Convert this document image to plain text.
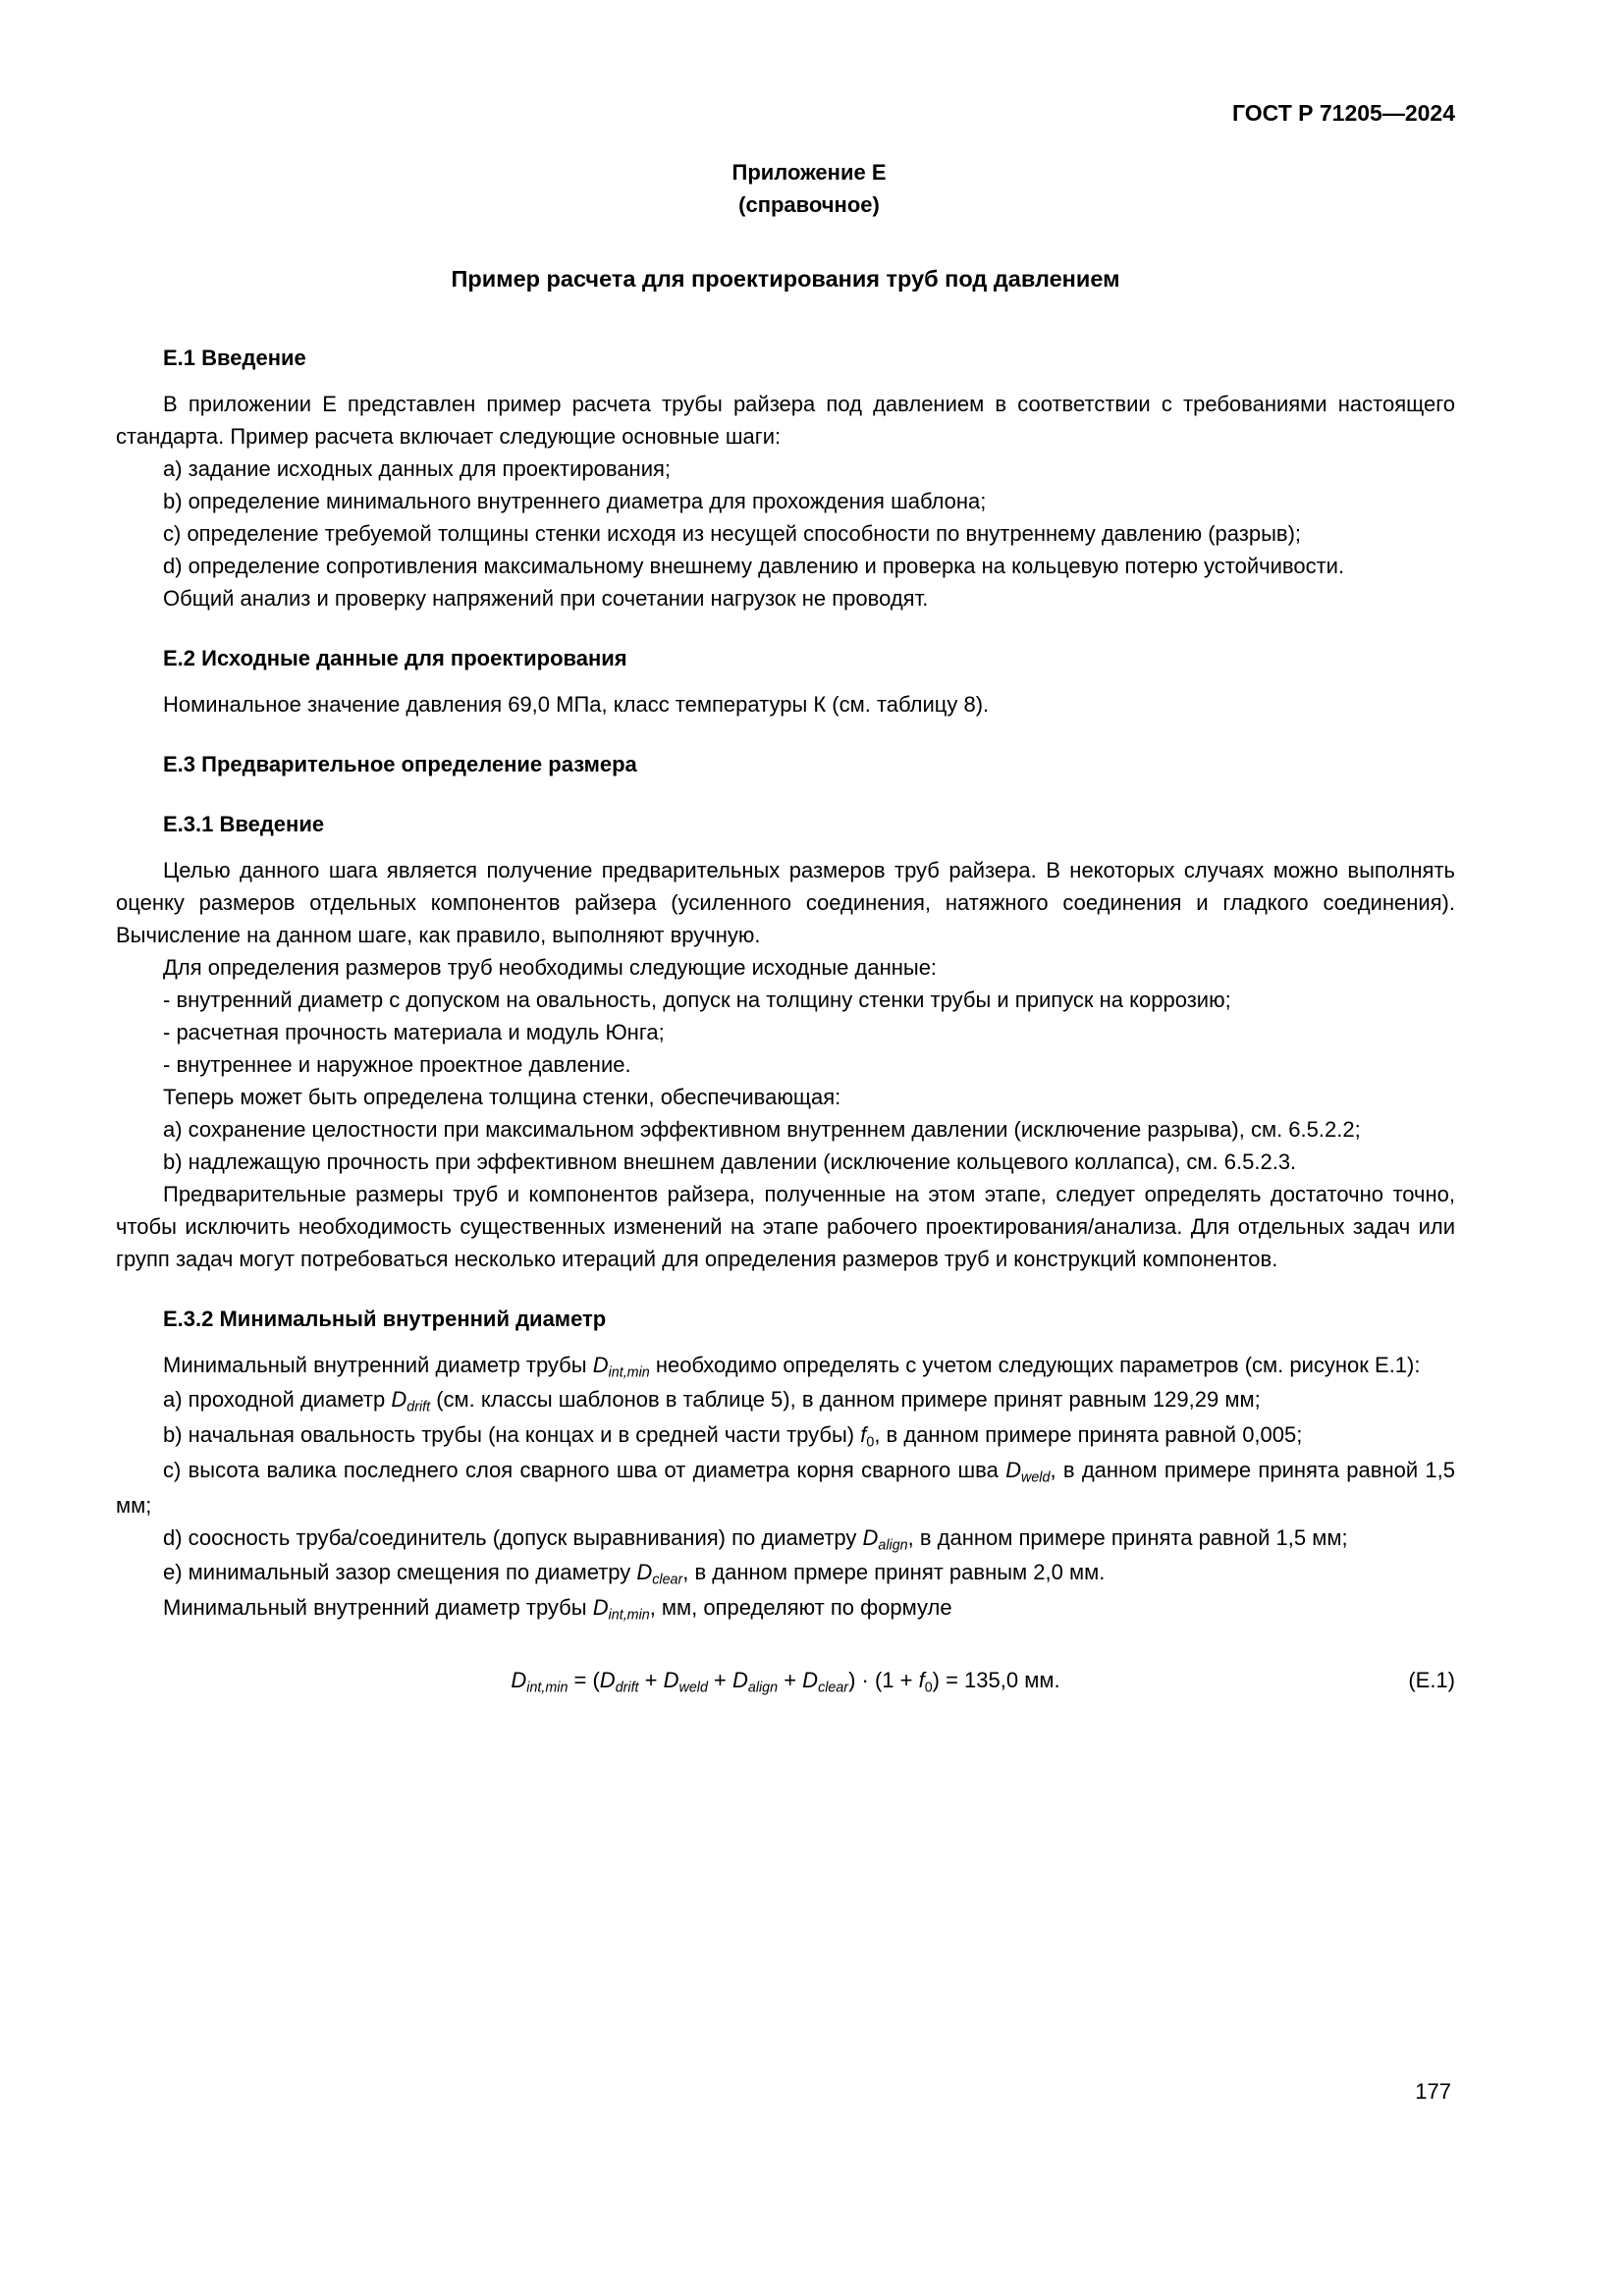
ГОСТ Р 71205—2024

Приложение Е

(справочное)

Пример расчета для проектирования труб под давлением
Е.1 Введение

В приложении Е представлен пример расчета трубы райзера под давлением в соответствии с требованиями настоящего стандарта. Пример расчета включает следующие основные шаги:

a) задание исходных данных для проектирования;

b) определение минимального внутреннего диаметра для прохождения шаблона;

c) определение требуемой толщины стенки исходя из несущей способности по внутреннему давлению (разрыв);

d) определение сопротивления максимальному внешнему давлению и проверка на кольцевую потерю устойчивости.

Общий анализ и проверку напряжений при сочетании нагрузок не проводят.

Е.2 Исходные данные для проектирования

Номинальное значение давления 69,0 МПа, класс температуры К (см. таблицу 8).

Е.3 Предварительное определение размера
Е.3.1 Введение

Целью данного шага является получение предварительных размеров труб райзера. В некоторых случаях можно выполнять оценку размеров отдельных компонентов райзера (усиленного соединения, натяжного соединения и гладкого соединения). Вычисление на данном шаге, как правило, выполняют вручную.

Для определения размеров труб необходимы следующие исходные данные:

- внутренний диаметр с допуском на овальность, допуск на толщину стенки трубы и припуск на коррозию;

- расчетная прочность материала и модуль Юнга;

- внутреннее и наружное проектное давление.

Теперь может быть определена толщина стенки, обеспечивающая:

a) сохранение целостности при максимальном эффективном внутреннем давлении (исключение разрыва), см. 6.5.2.2;

b) надлежащую прочность при эффективном внешнем давлении (исключение кольцевого коллапса), см. 6.5.2.3.

Предварительные размеры труб и компонентов райзера, полученные на этом этапе, следует определять достаточно точно, чтобы исключить необходимость существенных изменений на этапе рабочего проектирования/анализа. Для отдельных задач или групп задач могут потребоваться несколько итераций для определения размеров труб и конструкций компонентов.

Е.3.2 Минимальный внутренний диаметр

Минимальный внутренний диаметр трубы Dint,min необходимо определять с учетом следующих параметров (см. рисунок Е.1):

a) проходной диаметр Ddrift (см. классы шаблонов в таблице 5), в данном примере принят равным 129,29 мм;

b) начальная овальность трубы (на концах и в средней части трубы) $f_0$, в данном примере принята равной 0,005;

c) высота валика последнего слоя сварного шва от диаметра корня сварного шва Dweld, в данном примере принята равной 1,5 мм;

d) соосность труба/соединитель (допуск выравнивания) по диаметру Dalign, в данном примере принята равной 1,5 мм;

e) минимальный зазор смещения по диаметру Dclear, в данном прмере принят равным 2,0 мм.

Минимальный внутренний диаметр трубы Dint,min, мм, определяют по формуле

Dint,min = (Ddrift + Dweld + Dalign + Dclear) · $(1 + f_0) = 135,0$ мм.	(Е.1)
177
